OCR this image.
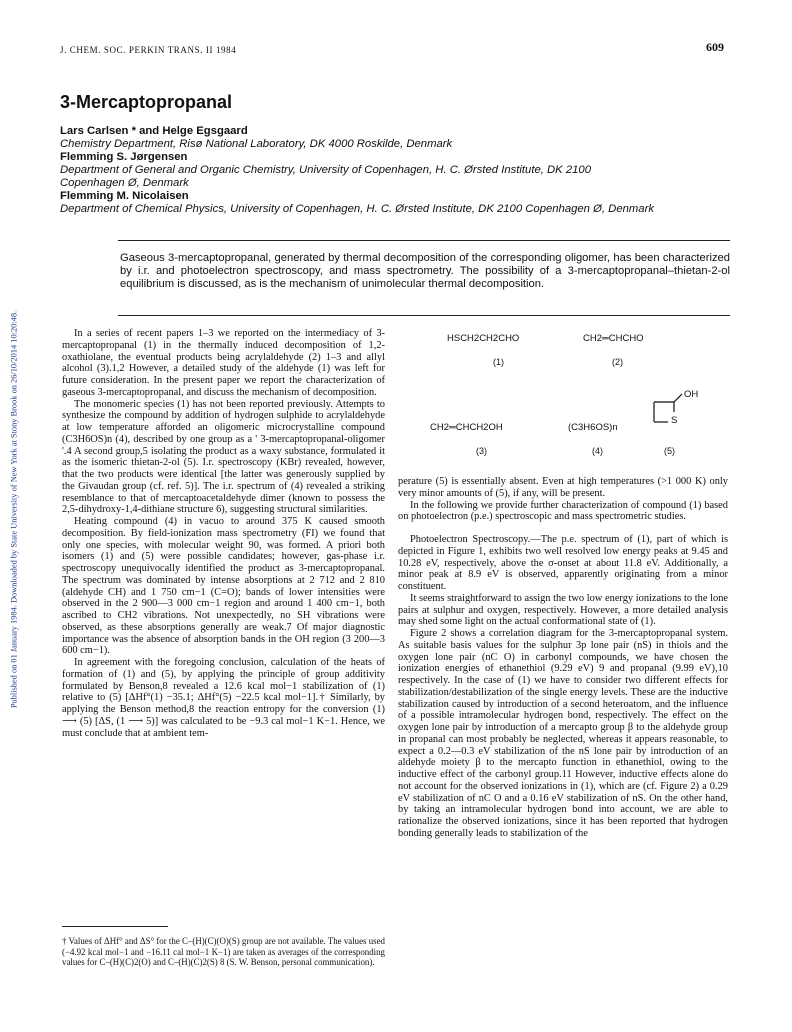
Published on 01 January 1984. Downloaded by State University of New York at Stony Brook on 26/10/2014 10:20:48.
J. CHEM. SOC. PERKIN TRANS. II 1984	609
3-Mercaptopropanal
Lars Carlsen * and Helge Egsgaard
Chemistry Department, Risø National Laboratory, DK 4000 Roskilde, Denmark
Flemming S. Jørgensen
Department of General and Organic Chemistry, University of Copenhagen, H. C. Ørsted Institute, DK 2100 Copenhagen Ø, Denmark
Flemming M. Nicolaisen
Department of Chemical Physics, University of Copenhagen, H. C. Ørsted Institute, DK 2100 Copenhagen Ø, Denmark
Gaseous 3-mercaptopropanal, generated by thermal decomposition of the corresponding oligomer, has been characterized by i.r. and photoelectron spectroscopy, and mass spectrometry. The possibility of a 3-mercaptopropanal–thietan-2-ol equilibrium is discussed, as is the mechanism of unimolecular thermal decomposition.
HSCH2CH2CHO
(1)
CH2═CHCHO
(2)
CH2═CHCH2OH
(3)
(C3H6OS)n
(4)
OH
S
(5)

In a series of recent papers 1–3 we reported on the intermediacy of 3-mercaptopropanal (1) in the thermally induced decomposition of 1,2-oxathiolane, the eventual products being acrylaldehyde (2) 1–3 and allyl alcohol (3).1,2 However, a detailed study of the aldehyde (1) was left for future consideration. In the present paper we report the characterization of gaseous 3-mercaptopropanal, and discuss the mechanism of decomposition.

The monomeric species (1) has not been reported previously. Attempts to synthesize the compound by addition of hydrogen sulphide to acrylaldehyde at low temperature afforded an oligomeric microcrystalline compound (C3H6OS)n (4), described by one group as a ' 3-mercaptopropanal-oligomer '.4 A second group,5 isolating the product as a waxy substance, formulated it as the isomeric thietan-2-ol (5). I.r. spectroscopy (KBr) revealed, however, that the two products were identical [the latter was generously supplied by the Givaudan group (cf. ref. 5)]. The i.r. spectrum of (4) revealed a striking resemblance to that of mercaptoacetaldehyde dimer (known to possess the 2,5-dihydroxy-1,4-dithiane structure 6), suggesting structural similarities.

Heating compound (4) in vacuo to around 375 K caused smooth decomposition. By field-ionization mass spectrometry (FI) we found that only one species, with molecular weight 90, was formed. A priori both isomers (1) and (5) were possible candidates; however, gas-phase i.r. spectroscopy unequivocally identified the product as 3-mercaptopropanal. The spectrum was dominated by intense absorptions at 2 712 and 2 810 (aldehyde CH) and 1 750 cm−1 (C=O); bands of lower intensities were observed in the 2 900—3 000 cm−1 region and around 1 400 cm−1, both ascribed to CH2 vibrations. Not unexpectedly, no SH vibrations were observed, as these absorptions generally are weak.7 Of major diagnostic importance was the absence of absorption bands in the OH region (3 200—3 600 cm−1).

In agreement with the foregoing conclusion, calculation of the heats of formation of (1) and (5), by applying the principle of group additivity formulated by Benson,8 revealed a 12.6 kcal mol−1 stabilization of (1) relative to (5) [ΔHf°(1) −35.1; ΔHf°(5) −22.5 kcal mol−1].† Similarly, by applying the Benson method,8 the reaction entropy for the conversion (1) ⟶ (5) [ΔS, (1 ⟶ 5)] was calculated to be −9.3 cal mol−1 K−1. Hence, we must conclude that at ambient tem-

† Values of ΔHf° and ΔS° for the C–(H)(C)(O)(S) group are not available. The values used (−4.92 kcal mol−1 and −16.11 cal mol−1 K−1) are taken as averages of the corresponding values for C–(H)(C)2(O) and C–(H)(C)2(S) 8 (S. W. Benson, personal communication).

perature (5) is essentially absent. Even at high temperatures (>1 000 K) only very minor amounts of (5), if any, will be present.

In the following we provide further characterization of compound (1) based on photoelectron (p.e.) spectroscopic and mass spectrometric studies.

Photoelectron Spectroscopy.—The p.e. spectrum of (1), part of which is depicted in Figure 1, exhibits two well resolved low energy peaks at 9.45 and 10.28 eV, respectively, above the σ-onset at about 11.8 eV. Additionally, a minor peak at 8.9 eV is observed, apparently originating from a minor constituent.

It seems straightforward to assign the two low energy ionizations to the lone pairs at sulphur and oxygen, respectively. However, a more detailed analysis may shed some light on the actual conformational state of (1).

Figure 2 shows a correlation diagram for the 3-mercaptopropanal system. As suitable basis values for the sulphur 3p lone pair (nS) in thiols and the oxygen lone pair (nC O) in carbonyl compounds, we have chosen the ionization energies of ethanethiol (9.29 eV) 9 and propanal (9.99 eV),10 respectively. In the case of (1) we have to consider two different effects for stabilization/destabilization of the single energy levels. These are the inductive stabilization caused by introduction of a second heteroatom, and the influence of a possible intramolecular hydrogen bond, respectively. The effect on the oxygen lone pair by introduction of a mercapto group β to the aldehyde group in propanal can most probably be neglected, whereas it appears reasonable, to expect a 0.2—0.3 eV stabilization of the nS lone pair by introduction of an aldehyde moiety β to the mercapto function in ethanethiol, owing to the inductive effect of the carbonyl group.11 However, inductive effects alone do not account for the observed ionizations in (1), which are (cf. Figure 2) a 0.29 eV stabilization of nC O and a 0.16 eV stabilization of nS. On the other hand, by taking an intramolecular hydrogen bond into account, we are able to rationalize the observed ionizations, since it has been reported that hydrogen bonding generally leads to stabilization of the
